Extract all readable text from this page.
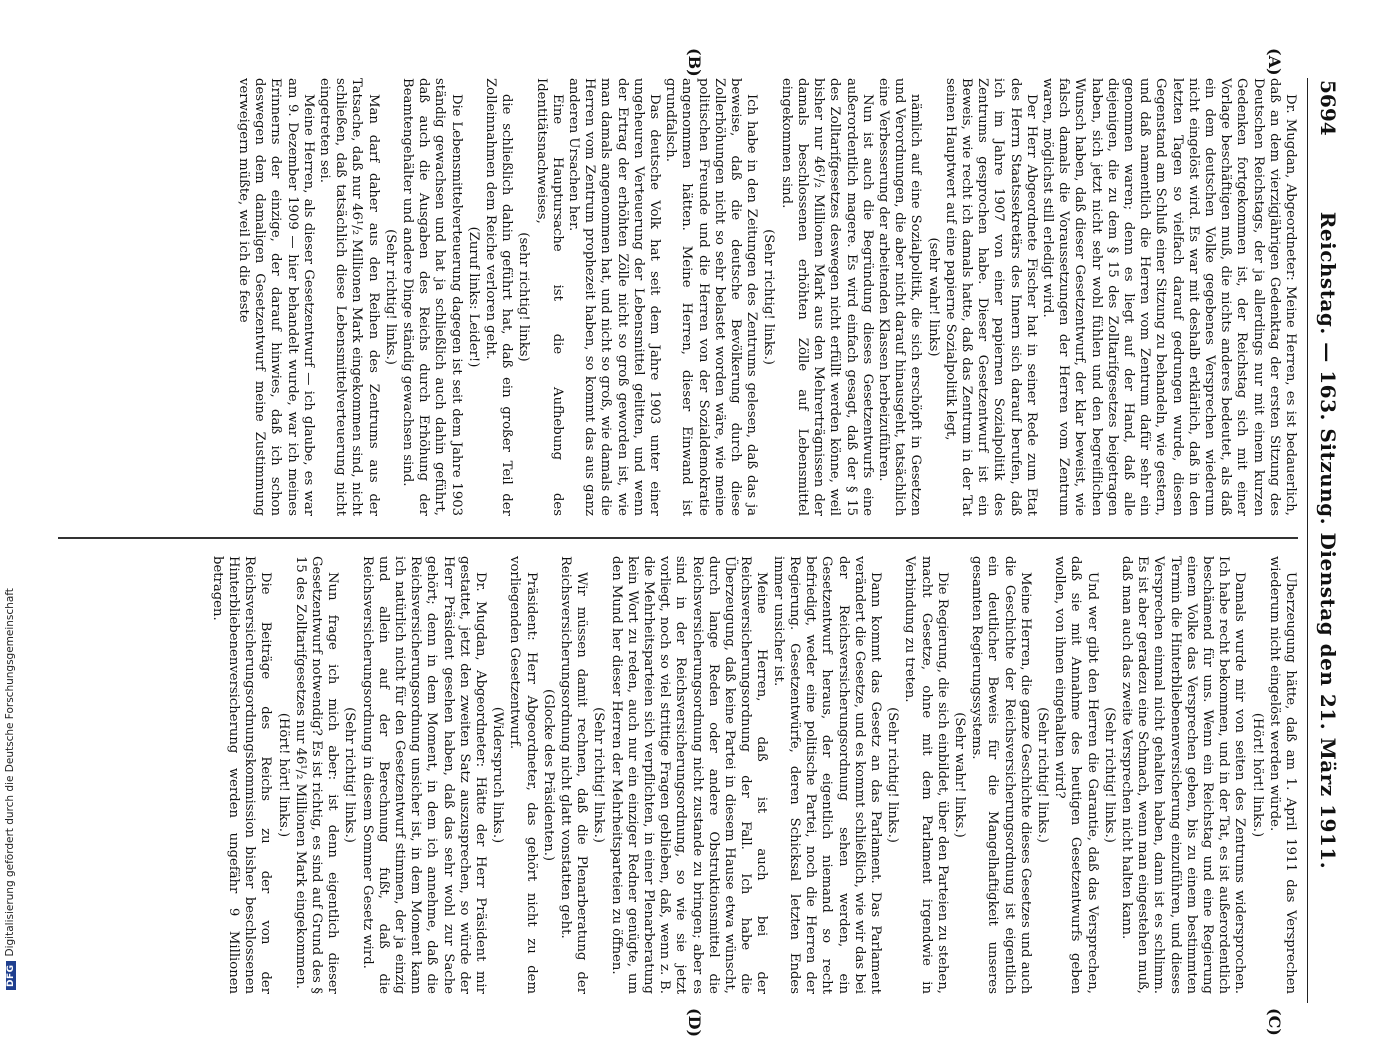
5694
Reichstag. — 163. Sitzung. Dienstag den 21. März 1911.
(A)
(B)
(C)
(D)

Dr. Mugdan, Abgeordneter: Meine Herren, es ist bedauerlich, daß an dem vierzigjährigen Gedenktag der ersten Sitzung des Deutschen Reichstags, der ja allerdings nur mit einem kurzen Gedenken fortgekommen ist, der Reichstag sich mit einer Vorlage beschäftigen muß, die nichts anderes bedeutet, als daß ein dem deutschen Volke gegebenes Versprechen wiederum nicht eingelöst wird. Es war mit deshalb erklärlich, daß in den letzten Tagen so vielfach darauf gedrungen wurde, diesen Gegenstand am Schluß einer Sitzung zu behandeln, wie gestern, und daß namentlich die Herren vom Zentrum dafür sehr ein genommen waren; denn es liegt auf der Hand, daß alle diejenigen, die zu dem § 15 des Zolltarifgesetzes beigetragen haben, sich jetzt nicht sehr wohl fühlen und den begreiflichen Wunsch haben, daß dieser Gesetzentwurf, der klar beweist, wie falsch damals die Voraussetzungen der Herren vom Zentrum waren, möglichst still erledigt wird.

Der Herr Abgeordnete Fischer hat in seiner Rede zum Etat des Herrn Staatssekretärs des Innern sich darauf berufen, daß ich im Jahre 1907 von einer papiernen Sozialpolitik des Zentrums gesprochen habe. Dieser Gesetzentwurf ist ein Beweis, wie recht ich damals hatte, daß das Zentrum in der Tat seinen Hauptwert auf eine papierne Sozialpolitik legt,

(sehr wahr! links)

nämlich auf eine Sozialpolitik, die sich erschöpft in Gesetzen und Verordnungen, die aber nicht darauf hinausgeht, tatsächlich eine Verbesserung der arbeitenden Klassen herbeizuführen.

Nun ist auch die Begründung dieses Gesetzentwurfs eine außerordentlich magere. Es wird einfach gesagt, daß der § 15 des Zolltarifgesetzes deswegen nicht erfüllt werden könne, weil bisher nur 46¹/₂ Millionen Mark aus den Mehrerträgnissen der damals beschlossenen erhöhten Zölle auf Lebensmittel eingekommen sind.

(Sehr richtig! links.)

Ich habe in den Zeitungen des Zentrums gelesen, daß das ja beweise, daß die deutsche Bevölkerung durch diese Zollerhöhungen nicht so sehr belastet worden wäre, wie meine politischen Freunde und die Herren von der Sozialdemokratie angenommen hätten. Meine Herren, dieser Einwand ist grundfalsch.

Das deutsche Volk hat seit dem Jahre 1903 unter einer ungeheuren Verteuerung der Lebensmittel gelitten, und wenn der Ertrag der erhöhten Zölle nicht so groß geworden ist, wie man damals angenommen hat, und nicht so groß, wie damals die Herren vom Zentrum prophezeit haben, so kommt das aus ganz anderen Ursachen her.

Eine Hauptursache ist die Aufhebung des Identitätsnachweises,

(sehr richtig! links)

die schließlich dahin geführt hat, daß ein großer Teil der Zolleinnahmen dem Reiche verloren geht.

(Zuruf links: Leider!)

Die Lebensmittelverteuerung dagegen ist seit dem Jahre 1903 ständig gewachsen und hat ja schließlich auch dahin geführt, daß auch die Ausgaben des Reichs durch Erhöhung der Beamtengehälter und andere Dinge ständig gewachsen sind.

(Sehr richtig! links.)

Man darf daher aus den Reihen des Zentrums aus der Tatsache, daß nur 46¹/₂ Millionen Mark eingekommen sind, nicht schließen, daß tatsächlich diese Lebensmittelverteuerung nicht eingetreten sei.

Meine Herren, als dieser Gesetzentwurf — ich glaube, es war am 9. Dezember 1909 — hier behandelt wurde, war ich meines Erinnerns der einzige, der darauf hinwies, daß ich schon deswegen dem damaligen Gesetzentwurf meine Zustimmung verweigern müßte, weil ich die feste

Überzeugung hätte, daß am 1. April 1911 das Versprechen wiederum nicht eingelöst werden würde.

(Hört! hört! links.)

Damals wurde mir von seiten des Zentrums widersprochen. Ich habe recht bekommen, und in der Tat, es ist außerordentlich beschämend für uns. Wenn ein Reichstag und eine Regierung einem Volke das Versprechen geben, bis zu einem bestimmten Termin die Hinterbliebenenversicherung einzuführen, und dieses Versprechen einmal nicht gehalten haben, dann ist es schlimm. Es ist aber geradezu eine Schmach, wenn man eingestehen muß, daß man auch das zweite Versprechen nicht halten kann.

(Sehr richtig! links.)

Und wer gibt den Herren die Garantie, daß das Versprechen, daß sie mit Annahme des heutigen Gesetzentwurfs geben wollen, von ihnen eingehalten wird?

(Sehr richtig! links.)

Meine Herren, die ganze Geschichte dieses Gesetzes und auch die Geschichte der Reichsversicherungsordnung ist eigentlich ein deutlicher Beweis für die Mangelhaftigkeit unseres gesamten Regierungssystems.

(Sehr wahr! links.)

Die Regierung, die sich einbildet, über den Parteien zu stehen, macht Gesetze, ohne mit dem Parlament irgendwie in Verbindung zu treten.

(Sehr richtig! links.)

Dann kommt das Gesetz an das Parlament. Das Parlament verändert die Gesetze, und es kommt schließlich, wie wir das bei der Reichsversicherungsordnung sehen werden, ein Gesetzentwurf heraus, der eigentlich niemand so recht befriedigt, weder eine politische Partei, noch die Herren der Regierung. Gesetzentwürfe, deren Schicksal letzten Endes immer unsicher ist.

Meine Herren, daß ist auch bei der Reichsversicherungsordnung der Fall. Ich habe die Überzeugung, daß keine Partei in diesem Hause etwa wünscht, durch lange Reden oder andere Obstruktionsmittel die Reichsversicherungsordnung nicht zustande zu bringen; aber es sind in der Reichsversicherungsordnung, so wie sie jetzt vorliegt, noch so viel strittige Fragen geblieben, daß, wenn z. B. die Mehrheitsparteien sich verpflichten, in einer Plenarberatung kein Wort zu reden, auch nur ein einziger Redner genügte, um den Mund her dieser Herren der Mehrheitsparteien zu öffnen.

(Sehr richtig! links.)

Wir müssen damit rechnen, daß die Plenarberatung der Reichsversicherungsordnung nicht glatt vonstatten geht.

(Glocke des Präsidenten.)

Präsident: Herr Abgeordneter, das gehört nicht zu dem vorliegenden Gesetzentwurf.

(Widerspruch links.)

Dr. Mugdan, Abgeordneter: Hätte der Herr Präsident mir gestattet, jetzt den zweiten Satz auszusprechen, so würde der Herr Präsident gesehen haben, daß das sehr wohl zur Sache gehört; denn in dem Moment, in dem ich annehme, daß die Reichsversicherungsordnung unsicher ist, in dem Moment kann ich natürlich nicht für den Gesetzentwurf stimmen, der ja einzig und allein auf der Berechnung fußt, daß die Reichsversicherungsordnung in diesem Sommer Gesetz wird.

(Sehr richtig! links.)

Nun frage ich mich aber: ist denn eigentlich dieser Gesetzentwurf notwendig? Es ist richtig, es sind auf Grund des § 15 des Zolltarifgesetzes nur 46¹/₂ Millionen Mark eingekommen.

(Hört! hört! links.)

Die Beiträge des Reichs zu der von der Reichsversicherungsordnungskommission bisher beschlossenen Hinterbliebenenversicherung werden ungefähr 9 Millionen betragen.

DFGDigitalisierung gefördert durch die Deutsche Forschungsgemeinschaft
